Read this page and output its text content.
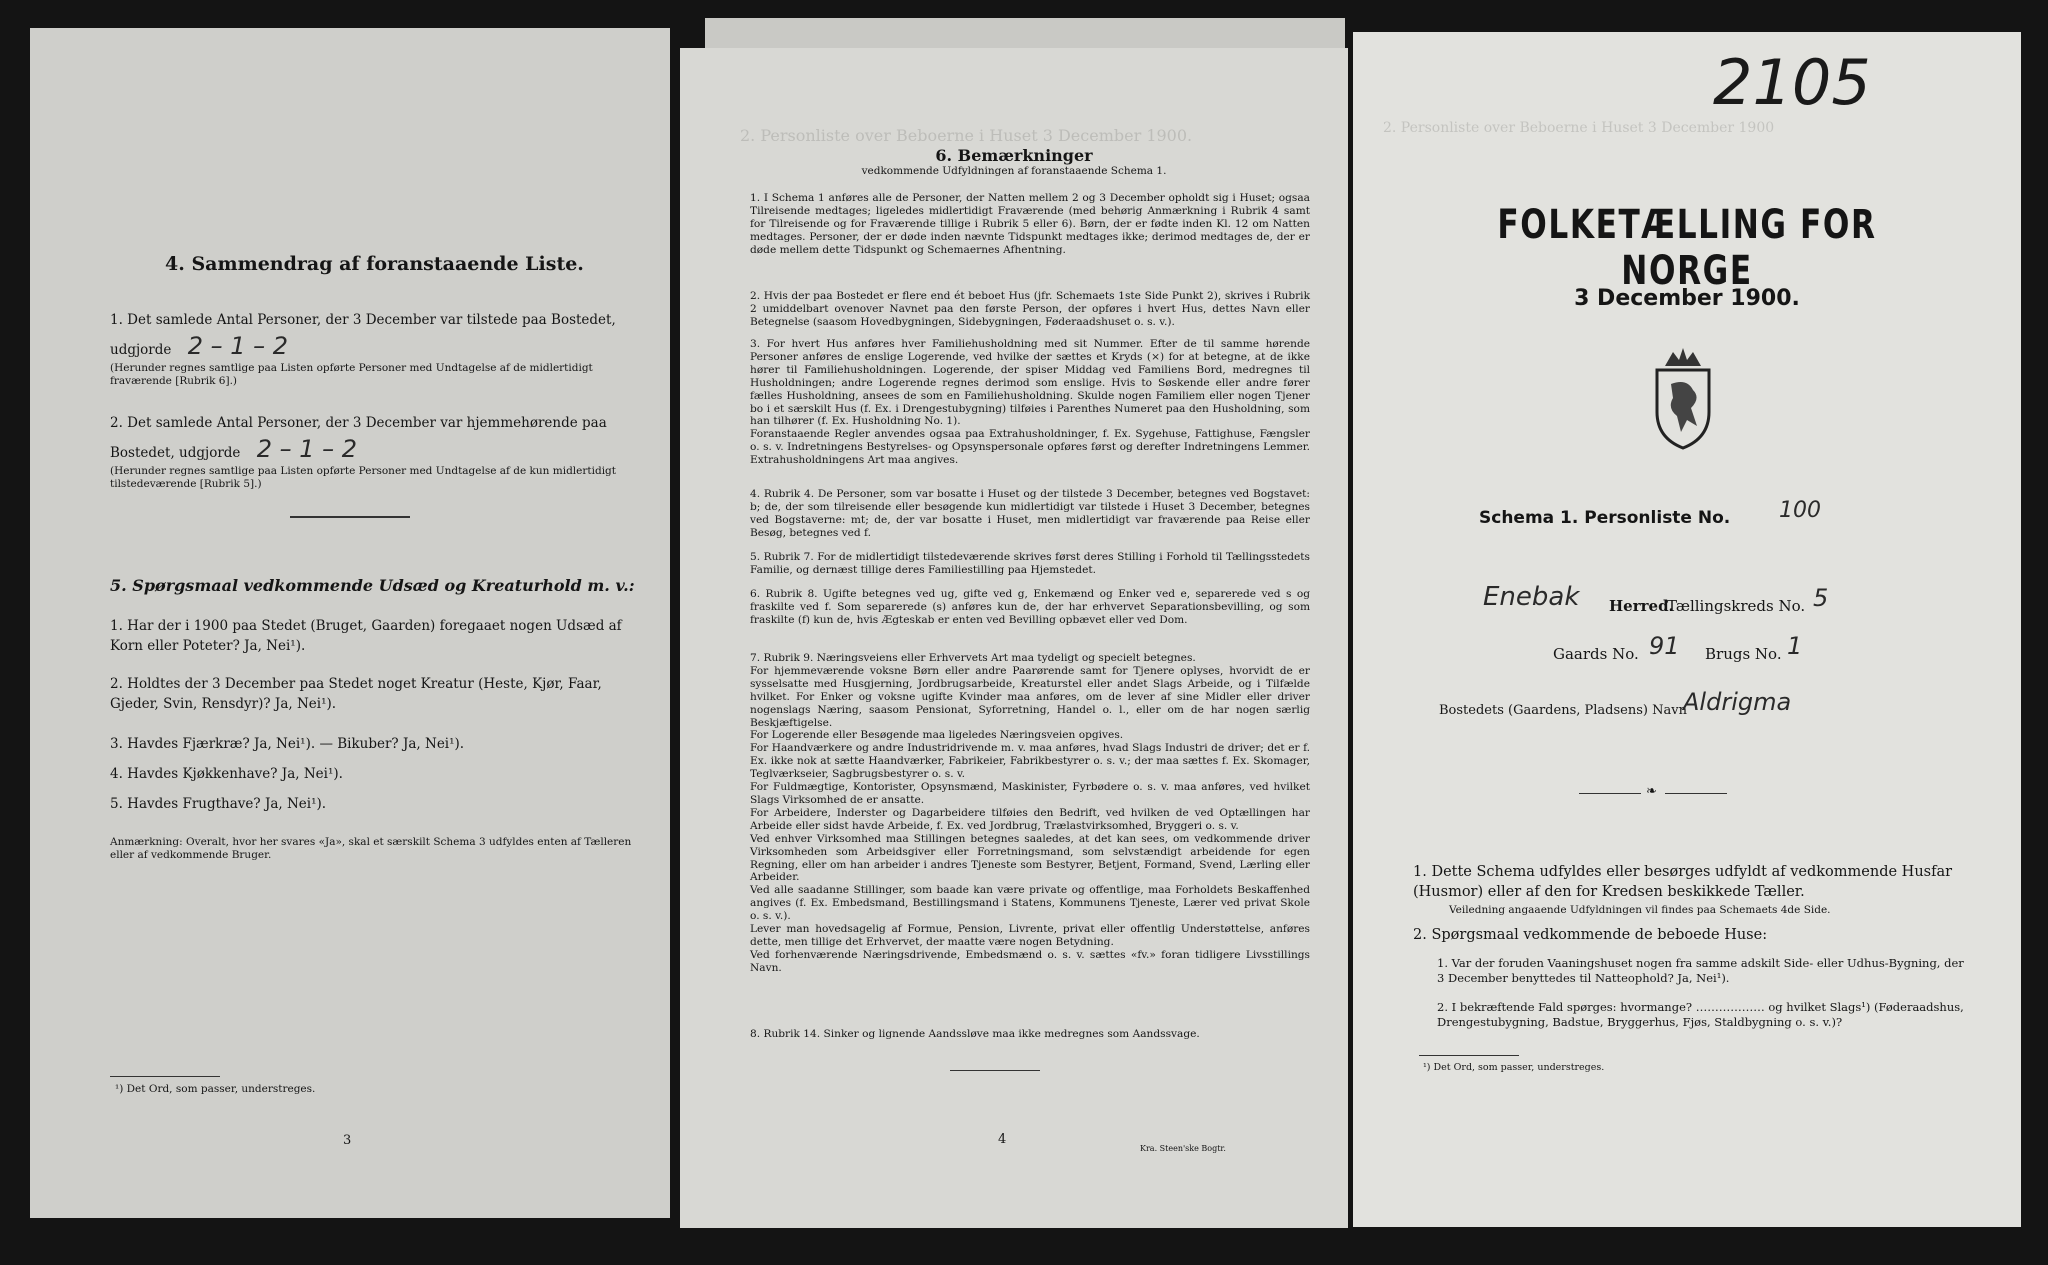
4. Sammendrag af foranstaaende Liste.
1. Det samlede Antal Personer, der 3 December var tilstede paa Bostedet,
udgjorde 2 – 1 – 2
(Herunder regnes samtlige paa Listen opførte Personer med Undtagelse af de midlertidigt fraværende [Rubrik 6].)
2. Det samlede Antal Personer, der 3 December var hjemmehørende paa
Bostedet, udgjorde 2 – 1 – 2
(Herunder regnes samtlige paa Listen opførte Personer med Undtagelse af de kun midlertidigt tilstedeværende [Rubrik 5].)
5. Spørgsmaal vedkommende Udsæd og Kreaturhold m. v.:
1. Har der i 1900 paa Stedet (Bruget, Gaarden) foregaaet nogen Udsæd af Korn eller Poteter? Ja, Nei¹).
2. Holdtes der 3 December paa Stedet noget Kreatur (Heste, Kjør, Faar, Gjeder, Svin, Rensdyr)? Ja, Nei¹).
3. Havdes Fjærkræ? Ja, Nei¹). — Bikuber? Ja, Nei¹).
4. Havdes Kjøkkenhave? Ja, Nei¹).
5. Havdes Frugthave? Ja, Nei¹).
Anmærkning: Overalt, hvor her svares «Ja», skal et særskilt Schema 3 udfyldes enten af Tælleren eller af vedkommende Bruger.
¹) Det Ord, som passer, understreges.
3
2. Personliste over Beboerne i Huset 3 December 1900.
6. Bemærkninger
vedkommende Udfyldningen af foranstaaende Schema 1.
1. I Schema 1 anføres alle de Personer, der Natten mellem 2 og 3 December opholdt sig i Huset; ogsaa Tilreisende medtages; ligeledes midlertidigt Fraværende (med behørig Anmærkning i Rubrik 4 samt for Tilreisende og for Fraværende tillige i Rubrik 5 eller 6). Børn, der er fødte inden Kl. 12 om Natten medtages. Personer, der er døde inden nævnte Tidspunkt medtages ikke; derimod medtages de, der er døde mellem dette Tidspunkt og Schemaernes Afhentning.
2. Hvis der paa Bostedet er flere end ét beboet Hus (jfr. Schemaets 1ste Side Punkt 2), skrives i Rubrik 2 umiddelbart ovenover Navnet paa den første Person, der opføres i hvert Hus, dettes Navn eller Betegnelse (saasom Hovedbygningen, Sidebygningen, Føderaadshuset o. s. v.).
3. For hvert Hus anføres hver Familiehusholdning med sit Nummer. Efter de til samme hørende Personer anføres de enslige Logerende, ved hvilke der sættes et Kryds (×) for at betegne, at de ikke hører til Familiehusholdningen. Logerende, der spiser Middag ved Familiens Bord, medregnes til Husholdningen; andre Logerende regnes derimod som enslige. Hvis to Søskende eller andre fører fælles Husholdning, ansees de som en Familiehusholdning. Skulde nogen Familiem eller nogen Tjener bo i et særskilt Hus (f. Ex. i Drengestubygning) tilføies i Parenthes Numeret paa den Husholdning, som han tilhører (f. Ex. Husholdning No. 1).
Foranstaaende Regler anvendes ogsaa paa Extrahusholdninger, f. Ex. Sygehuse, Fattighuse, Fængsler o. s. v. Indretningens Bestyrelses- og Opsynspersonale opføres først og derefter Indretningens Lemmer. Extrahusholdningens Art maa angives.
4. Rubrik 4. De Personer, som var bosatte i Huset og der tilstede 3 December, betegnes ved Bogstavet: b; de, der som tilreisende eller besøgende kun midlertidigt var tilstede i Huset 3 December, betegnes ved Bogstaverne: mt; de, der var bosatte i Huset, men midlertidigt var fraværende paa Reise eller Besøg, betegnes ved f.
5. Rubrik 7. For de midlertidigt tilstedeværende skrives først deres Stilling i Forhold til Tællingsstedets Familie, og dernæst tillige deres Familiestilling paa Hjemstedet.
6. Rubrik 8. Ugifte betegnes ved ug, gifte ved g, Enkemænd og Enker ved e, separerede ved s og fraskilte ved f. Som separerede (s) anføres kun de, der har erhvervet Separationsbevilling, og som fraskilte (f) kun de, hvis Ægteskab er enten ved Bevilling opbævet eller ved Dom.
7. Rubrik 9. Næringsveiens eller Erhvervets Art maa tydeligt og specielt betegnes.
For hjemmeværende voksne Børn eller andre Paarørende samt for Tjenere oplyses, hvorvidt de er sysselsatte med Husgjerning, Jordbrugsarbeide, Kreaturstel eller andet Slags Arbeide, og i Tilfælde hvilket. For Enker og voksne ugifte Kvinder maa anføres, om de lever af sine Midler eller driver nogenslags Næring, saasom Pensionat, Syforretning, Handel o. l., eller om de har nogen særlig Beskjæftigelse.
For Logerende eller Besøgende maa ligeledes Næringsveien opgives.
For Haandværkere og andre Industridrivende m. v. maa anføres, hvad Slags Industri de driver; det er f. Ex. ikke nok at sætte Haandværker, Fabrikeier, Fabrikbestyrer o. s. v.; der maa sættes f. Ex. Skomager, Teglværkseier, Sagbrugsbestyrer o. s. v.
For Fuldmægtige, Kontorister, Opsynsmænd, Maskinister, Fyrbødere o. s. v. maa anføres, ved hvilket Slags Virksomhed de er ansatte.
For Arbeidere, Inderster og Dagarbeidere tilføies den Bedrift, ved hvilken de ved Optællingen har Arbeide eller sidst havde Arbeide, f. Ex. ved Jordbrug, Trælastvirksomhed, Bryggeri o. s. v.
Ved enhver Virksomhed maa Stillingen betegnes saaledes, at det kan sees, om vedkommende driver Virksomheden som Arbeidsgiver eller Forretningsmand, som selvstændigt arbeidende for egen Regning, eller om han arbeider i andres Tjeneste som Bestyrer, Betjent, Formand, Svend, Lærling eller Arbeider.
Ved alle saadanne Stillinger, som baade kan være private og offentlige, maa Forholdets Beskaffenhed angives (f. Ex. Embedsmand, Bestillingsmand i Statens, Kommunens Tjeneste, Lærer ved privat Skole o. s. v.).
Lever man hovedsagelig af Formue, Pension, Livrente, privat eller offentlig Understøttelse, anføres dette, men tillige det Erhvervet, der maatte være nogen Betydning.
Ved forhenværende Næringsdrivende, Embedsmænd o. s. v. sættes «fv.» foran tidligere Livsstillings Navn.
8. Rubrik 14. Sinker og lignende Aandssløve maa ikke medregnes som Aandssvage.
4
Kra. Steen'ske Bogtr.
2105
2. Personliste over Beboerne i Huset 3 December 1900
FOLKETÆLLING FOR NORGE
3 December 1900.
Schema 1. Personliste No. 100
Enebak Herred.
Tællingskreds No. 5
Gaards No. 91 Brugs No. 1
Bostedets (Gaardens, Pladsens) Navn
Aldrigma
❧
1. Dette Schema udfyldes eller besørges udfyldt af vedkommende Husfar (Husmor) eller af den for Kredsen beskikkede Tæller.
Veiledning angaaende Udfyldningen vil findes paa Schemaets 4de Side.
2. Spørgsmaal vedkommende de beboede Huse:
1. Var der foruden Vaaningshuset nogen fra samme adskilt Side- eller Udhus-Bygning, der 3 December benyttedes til Natteophold? Ja, Nei¹).
2. I bekræftende Fald spørges: hvormange? ……………… og hvilket Slags¹) (Føderaadshus, Drengestubygning, Badstue, Bryggerhus, Fjøs, Staldbygning o. s. v.)?
¹) Det Ord, som passer, understreges.
